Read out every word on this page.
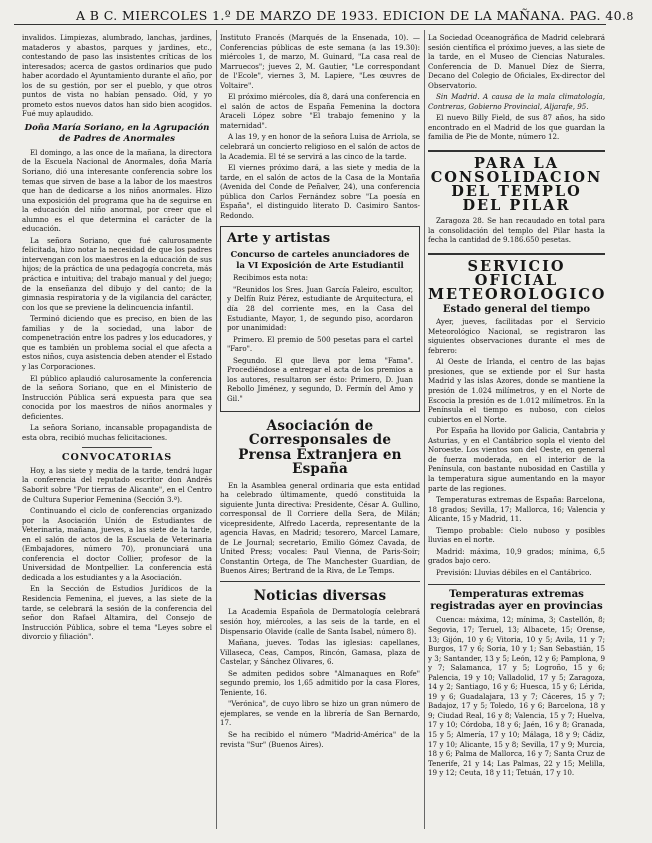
A B C. MIERCOLES 1.º DE MARZO DE 1933. EDICION DE LA MAÑANA. PAG. 40. 8

invalidos. Limpiezas, alumbrado, lanchas, jardines, mataderos y abastos, parques y jardines, etc., contestando de paso las insistentes críticas de los interesados; acerca de gastos ordinarios que pudo haber acordado el Ayuntamiento durante el año, por los de su gestión, por ser el pueblo, y que otros puntos de vista no habían pensado. Oíd, y yo prometo estos nuevos datos han sido bien acogidos. Fué muy aplaudido.

Doña María Soriano, en la Agrupación de Padres de Anormales

El domingo, a las once de la mañana, la directora de la Escuela Nacional de Anormales, doña María Soriano, dió una interesante conferencia sobre los temas que sirven de base a la labor de los maestros que han de dedicarse a los niños anormales. Hizo una exposición del programa que ha de seguirse en la educación del niño anormal, por creer que el alumno es el que determina el carácter de la educación.

La señora Soriano, que fué calurosamente felicitada, hizo notar la necesidad de que los padres intervengan con los maestros en la educación de sus hijos; de la práctica de una pedagogía concreta, más práctica e intuitiva; del trabajo manual y del juego; de la enseñanza del dibujo y del canto; de la gimnasia respiratoria y de la vigilancia del carácter, con los que se previene la delincuencia infantil.

Terminó diciendo que es preciso, en bien de las familias y de la sociedad, una labor de compenetración entre los padres y los educadores, y que es también un problema social el que afecta a estos niños, cuya asistencia deben atender el Estado y las Corporaciones.

El público aplaudió calurosamente la conferencia de la señora Soriano, que en el Ministerio de Instrucción Pública será expuesta para que sea conocida por los maestros de niños anormales y deficientes.

La señora Soriano, incansable propagandista de esta obra, recibió muchas felicitaciones.

CONVOCATORIAS

Hoy, a las siete y media de la tarde, tendrá lugar la conferencia del reputado escritor don Andrés Saborit sobre "Por tierras de Alicante", en el Centro de Cultura Superior Femenina (Sección 3.ª).

Continuando el ciclo de conferencias organizado por la Asociación Unión de Estudiantes de Veterinaria, mañana, jueves, a las siete de la tarde, en el salón de actos de la Escuela de Veterinaria (Embajadores, número 70), pronunciará una conferencia el doctor Collier, profesor de la Universidad de Montpellier. La conferencia está dedicada a los estudiantes y a la Asociación.

En la Sección de Estudios Jurídicos de la Residencia Femenina, el jueves, a las siete de la tarde, se celebrará la sesión de la conferencia del señor don Rafael Altamira, del Consejo de Instrucción Pública, sobre el tema "Leyes sobre el divorcio y filiación".

Instituto Francés (Marqués de la Ensenada, 10). — Conferencias públicas de este semana (a las 19.30): miércoles 1, de marzo, M. Guinard, "La casa real de Marruecos"; jueves 2, M. Gautier, "Le correspondant de l'Ecole", viernes 3, M. Lapiere, "Les œuvres de Voltaire".

El próximo miércoles, día 8, dará una conferencia en el salón de actos de España Femenina la doctora Araceli López sobre "El trabajo femenino y la maternidad".

A las 19, y en honor de la señora Luisa de Arriola, se celebrará un concierto religioso en el salón de actos de la Academia. El té se servirá a las cinco de la tarde.

El viernes próximo dará, a las siete y media de la tarde, en el salón de actos de la Casa de la Montaña (Avenida del Conde de Peñalver, 24), una conferencia pública don Carlos Fernández sobre "La poesía en España", el distinguido literato D. Casimiro Santos-Redondo.

Arte y artistas
Concurso de carteles anunciadores de la VI Exposición de Arte Estudiantil

Recibimos esta nota:

"Reunidos los Sres. Juan García Faleiro, escultor, y Delfín Ruiz Pérez, estudiante de Arquitectura, el día 28 del corriente mes, en la Casa del Estudiante, Mayor, 1, de segundo piso, acordaron por unanimidad:

Primero. El premio de 500 pesetas para el cartel "Faro".

Segundo. El que lleva por lema "Fama". Procediéndose a entregar el acta de los premios a los autores, resultaron ser ésto: Primero, D. Juan Rebollo Jiménez, y segundo, D. Fermín del Amo y Gil."

Asociación de Corresponsales de Prensa Extranjera en España

En la Asamblea general ordinaria que esta entidad ha celebrado últimamente, quedó constituida la siguiente Junta directiva: Presidente, César A. Gullino, corresponsal de Il Corriere della Sera, de Milán; vicepresidente, Alfredo Lacerda, representante de la agencia Havas, en Madrid; tesorero, Marcel Lamare, de Le Journal; secretario, Emilio Gómez Cavada, de United Press; vocales: Paul Vienna, de Paris-Soir; Constantin Ortega, de The Manchester Guardian, de Buenos Aires; Bertrand de la Riva, de Le Temps.

Noticias diversas

La Academia Española de Dermatología celebrará sesión hoy, miércoles, a las seis de la tarde, en el Dispensario Olavide (calle de Santa Isabel, número 8).

Mañana, jueves. Todas las iglesias: capellanes, Villaseca, Ceas, Campos, Rincón, Gamasa, plaza de Castelar, y Sánchez Olivares, 6.

Se admiten pedidos sobre "Almanaques en Rofe" segundo premio, los 1,65 admitido por la casa Flores, Teniente, 16.

"Verónica", de cuyo libro se hizo un gran número de ejemplares, se vende en la librería de San Bernardo, 17.

Se ha recibido el número "Madrid-América" de la revista "Sur" (Buenos Aires).

La Sociedad Oceanográfica de Madrid celebrará sesión científica el próximo jueves, a las siete de la tarde, en el Museo de Ciencias Naturales. Conferencia de D. Manuel Díez de Sierra, Decano del Colegio de Oficiales, Ex-director del Observatorio.

Sin Madrid. A causa de la mala climatología, Contreras, Gobierno Provincial, Aljarafe, 95.

El nuevo Billy Field, de sus 87 años, ha sido encontrado en el Madrid de los que guardan la familia de Pie de Monte, número 12.

PARA LA CONSOLIDACION DEL TEMPLO DEL PILAR

Zaragoza 28. Se han recaudado en total para la consolidación del templo del Pilar hasta la fecha la cantidad de 9.186.650 pesetas.

SERVICIO OFICIAL METEOROLOGICO
Estado general del tiempo

Ayer, jueves, facilitadas por el Servicio Meteorológico Nacional, se registraron las siguientes observaciones durante el mes de febrero:

Al Oeste de Irlanda, el centro de las bajas presiones, que se extiende por el Sur hasta Madrid y las islas Azores, donde se mantiene la presión de 1.024 milímetros, y en el Norte de Escocia la presión es de 1.012 milímetros. En la Península el tiempo es nuboso, con cielos cubiertos en el Norte.

Por España ha llovido por Galicia, Cantabria y Asturias, y en el Cantábrico sopla el viento del Noroeste. Los vientos son del Oeste, en general de fuerza moderada, en el interior de la Península, con bastante nubosidad en Castilla y la temperatura sigue aumentando en la mayor parte de las regiones.

Temperaturas extremas de España: Barcelona, 18 grados; Sevilla, 17; Mallorca, 16; Valencia y Alicante, 15 y Madrid, 11.

Tiempo probable: Cielo nuboso y posibles lluvias en el norte.

Madrid: máxima, 10,9 grados; mínima, 6,5 grados bajo cero.

Previsión: Lluvias débiles en el Cantábrico.

Temperaturas extremas registradas ayer en provincias

Cuenca: máxima, 12; mínima, 3; Castellón, 8; Segovia, 17; Teruel, 13; Albacete, 15; Orense, 13; Gijón, 10 y 6; Vitoria, 10 y 5; Avila, 11 y 7; Burgos, 17 y 6; Soria, 10 y 1; San Sebastián, 15 y 3; Santander, 13 y 5; León, 12 y 6; Pamplona, 9 y 7; Salamanca, 17 y 5; Logroño, 15 y 6; Palencia, 19 y 10; Valladolid, 17 y 5; Zaragoza, 14 y 2; Santiago, 16 y 6; Huesca, 15 y 6; Lérida, 19 y 6; Guadalajara, 13 y 7; Cáceres, 15 y 7; Badajoz, 17 y 5; Toledo, 16 y 6; Barcelona, 18 y 9; Ciudad Real, 16 y 8; Valencia, 15 y 7; Huelva, 17 y 10; Córdoba, 18 y 6; Jaén, 16 y 8; Granada, 15 y 5; Almería, 17 y 10; Málaga, 18 y 9; Cádiz, 17 y 10; Alicante, 15 y 8; Sevilla, 17 y 9; Murcia, 18 y 6; Palma de Mallorca, 16 y 7; Santa Cruz de Tenerife, 21 y 14; Las Palmas, 22 y 15; Melilla, 19 y 12; Ceuta, 18 y 11; Tetuán, 17 y 10.
